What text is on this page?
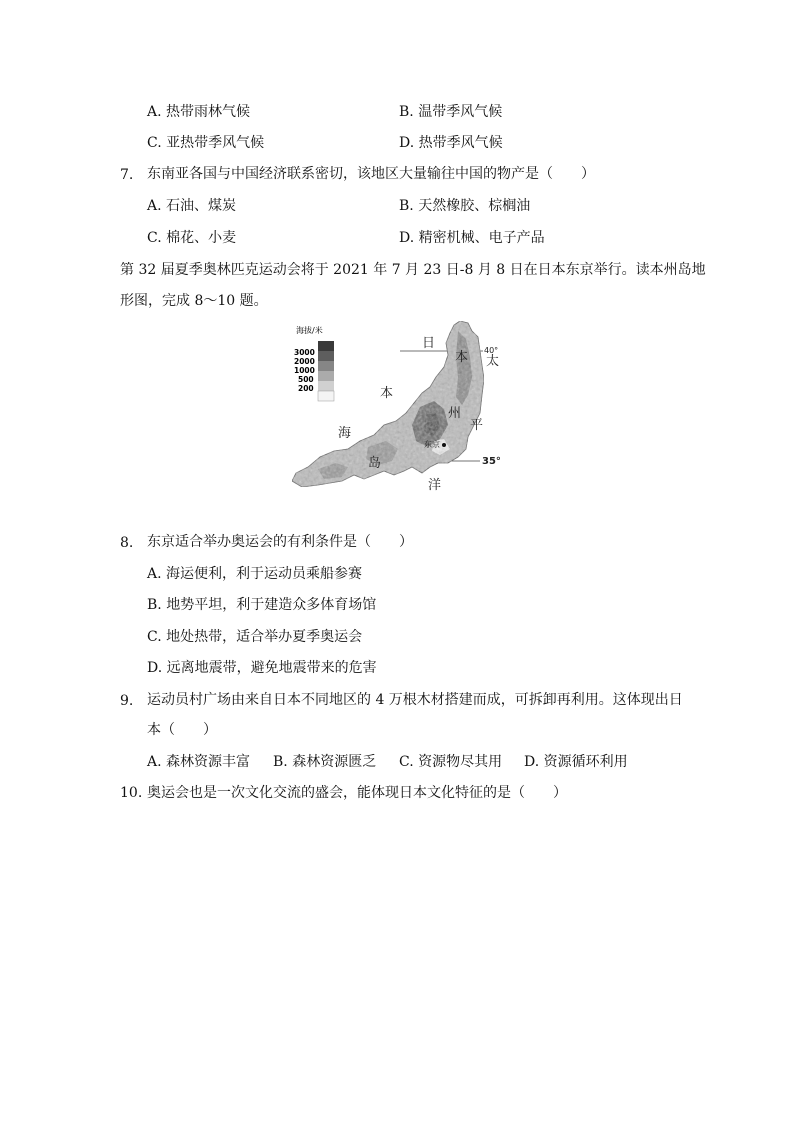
A. 热带雨林气候	B. 温带季风气候
C. 亚热带季风气候	D. 热带季风气候
7. 东南亚各国与中国经济联系密切，该地区大量输往中国的物产是（　　）
A. 石油、煤炭	B. 天然橡胶、棕榈油
C. 棉花、小麦	D. 精密机械、电子产品
第 32 届夏季奥林匹克运动会将于 2021 年 7 月 23 日-8 月 8 日在日本东京举行。读本州岛地
形图，完成 8～10 题。
海拔/米
3000
2000
1000
500
200
日
本 太
本
州
平
海
岛
洋
东京
40°
35°
8. 东京适合举办奥运会的有利条件是（　　）
A. 海运便利，利于运动员乘船参赛
B. 地势平坦，利于建造众多体育场馆
C. 地处热带，适合举办夏季奥运会
D. 远离地震带，避免地震带来的危害
9. 运动员村广场由来自日本不同地区的 4 万根木材搭建而成，可拆卸再利用。这体现出日
本（　　）
A. 森林资源丰富 B. 森林资源匮乏 C. 资源物尽其用 D. 资源循环利用
10. 奥运会也是一次文化交流的盛会，能体现日本文化特征的是（　　）
